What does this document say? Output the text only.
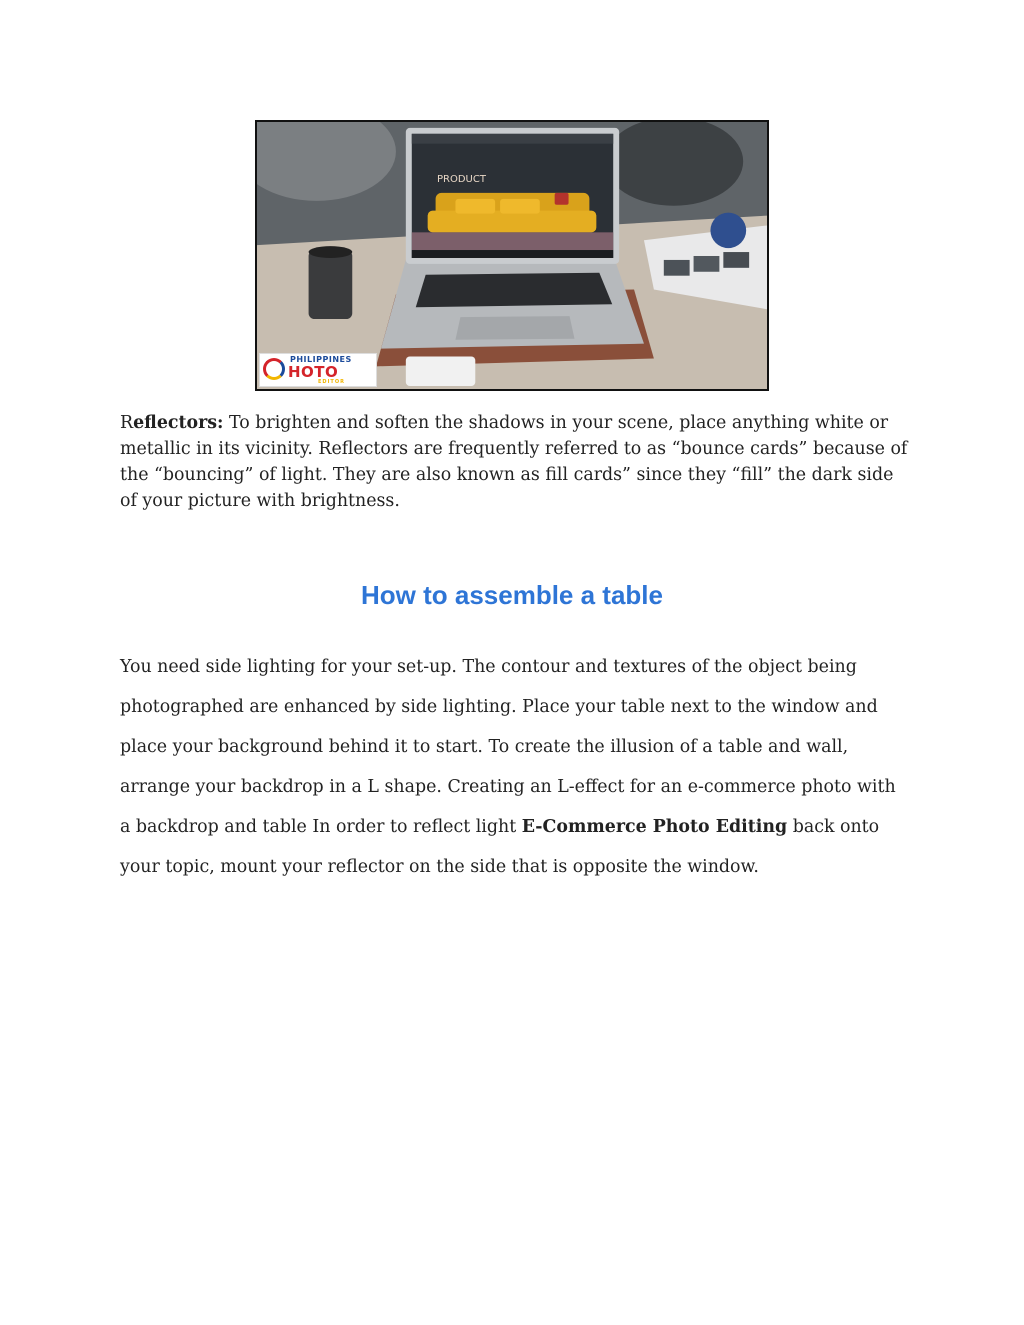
PRODUCT
PHILIPPINES
HOTO
EDITOR

Reflectors: To brighten and soften the shadows in your scene, place anything white or metallic in its vicinity. Reflectors are frequently referred to as “bounce cards” because of the “bouncing” of light. They are also known as fill cards” since they “fill” the dark side of your picture with brightness.

How to assemble a table

You need side lighting for your set-up. The contour and textures of the object being photographed are enhanced by side lighting. Place your table next to the window and place your background behind it to start. To create the illusion of a table and wall, arrange your backdrop in a L shape. Creating an L-effect for an e-commerce photo with a backdrop and table In order to reflect light E-Commerce Photo Editing back onto your topic, mount your reflector on the side that is opposite the window.
